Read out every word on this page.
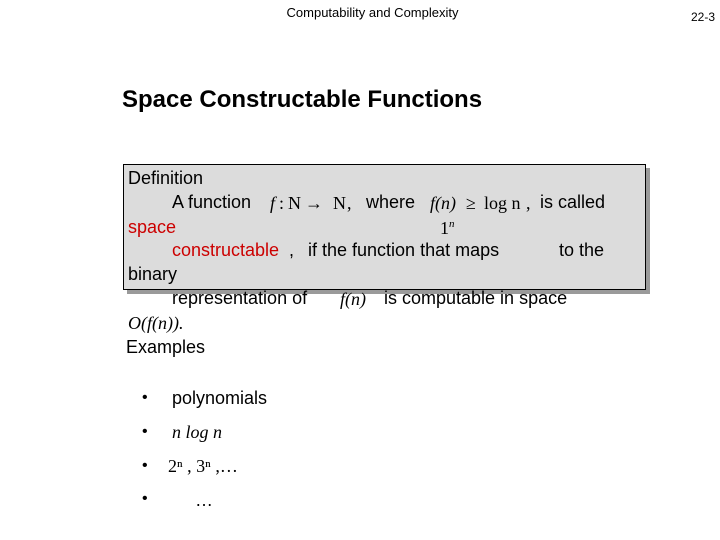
Computability and Complexity	22-3
Space Constructable Functions
Definition
A function f : N → N , where f(n) ≥ log n , is called
space	1$^n$
constructable , if the function that maps	to the
binary
representation of f(n) is computable in space
O(f(n)).
Examples
• polynomials
• n log n
• 2ⁿ , 3ⁿ ,…
•	…
